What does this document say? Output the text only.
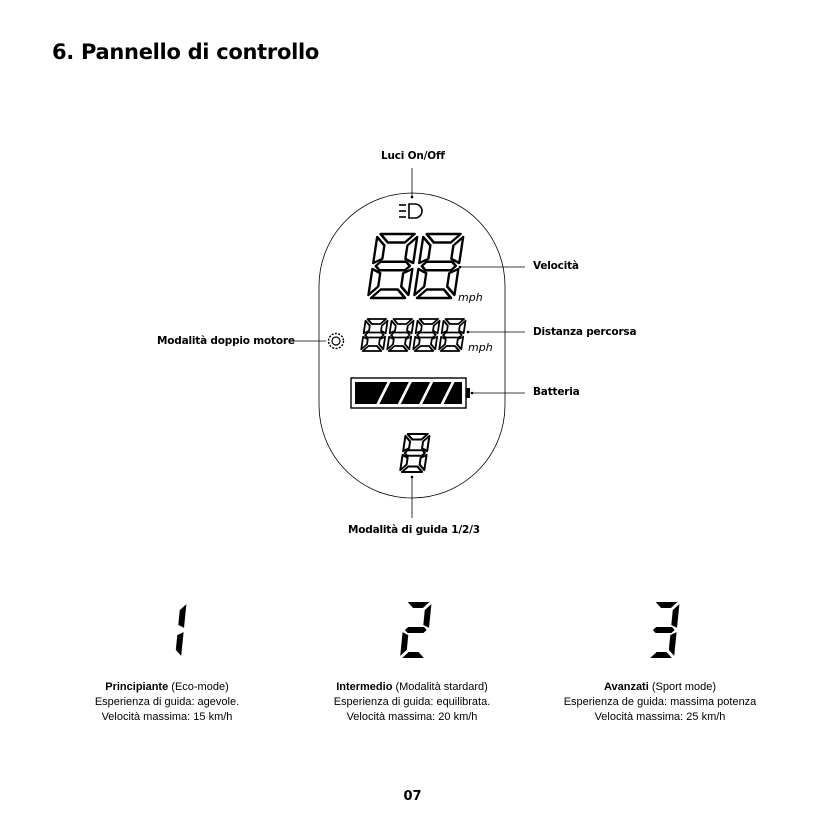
6. Pannello di controllo
mph
mph
Luci On/Off
Velocità
Distanza percorsa
Batteria
Modalità doppio motore
Modalità di guida 1/2/3
Principiante (Eco-mode)
Esperienza di guida: agevole.
Velocità massima: 15 km/h
Intermedio (Modalità stardard)
Esperienza di guida: equilibrata.
Velocità massima: 20 km/h
Avanzati (Sport mode)
Esperienza de guida: massima potenza
Velocità massima: 25 km/h
07
